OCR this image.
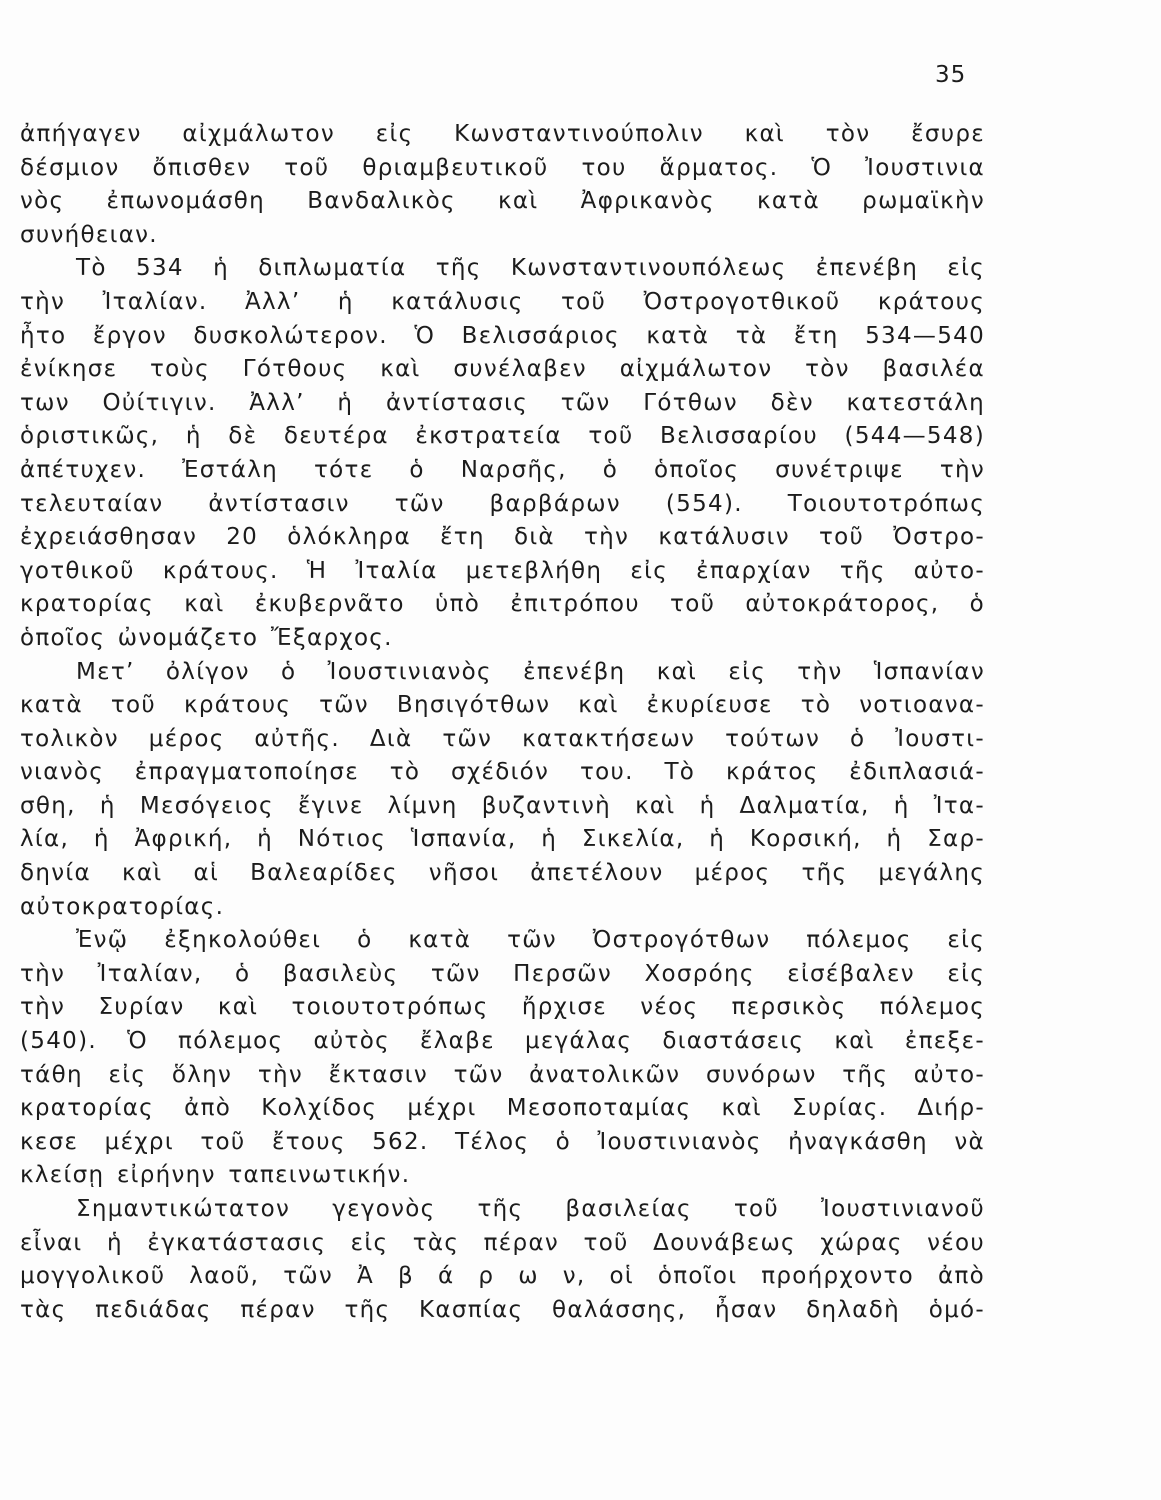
35
ἀπήγαγεν αἰχμάλωτον εἰς Κωνσταντινούπολιν καὶ τὸν ἔσυρε
δέσμιον ὄπισθεν τοῦ θριαμβευτικοῦ του ἅρματος. Ὁ Ἰουστινια
νὸς ἐπωνομάσθη Βανδαλικὸς καὶ Ἀφρικανὸς κατὰ ρωμαϊκὴν
συνήθειαν.
Τὸ 534 ἡ διπλωματία τῆς Κωνσταντινουπόλεως ἐπενέβη εἰς
τὴν Ἰταλίαν. Ἀλλ’ ἡ κατάλυσις τοῦ Ὀστρογοτθικοῦ κράτους
ἦτο ἔργον δυσκολώτερον. Ὁ Βελισσάριος κατὰ τὰ ἔτη 534—540
ἐνίκησε τοὺς Γότθους καὶ συνέλαβεν αἰχμάλωτον τὸν βασιλέα
των Οὐίτιγιν. Ἀλλ’ ἡ ἀντίστασις τῶν Γότθων δὲν κατεστάλη
ὁριστικῶς, ἡ δὲ δευτέρα ἐκστρατεία τοῦ Βελισσαρίου (544—548)
ἀπέτυχεν. Ἐστάλη τότε ὁ Ναρσῆς, ὁ ὁποῖος συνέτριψε τὴν
τελευταίαν ἀντίστασιν τῶν βαρβάρων (554). Τοιουτοτρόπως
ἐχρειάσθησαν 20 ὁλόκληρα ἔτη διὰ τὴν κατάλυσιν τοῦ Ὀστρο-
γοτθικοῦ κράτους. Ἡ Ἰταλία μετεβλήθη εἰς ἐπαρχίαν τῆς αὐτο-
κρατορίας καὶ ἐκυβερνᾶτο ὑπὸ ἐπιτρόπου τοῦ αὐτοκράτορος, ὁ
ὁποῖος ὠνομάζετο Ἔξαρχος.
Μετ’ ὀλίγον ὁ Ἰουστινιανὸς ἐπενέβη καὶ εἰς τὴν Ἱσπανίαν
κατὰ τοῦ κράτους τῶν Βησιγότθων καὶ ἐκυρίευσε τὸ νοτιοανα-
τολικὸν μέρος αὐτῆς. Διὰ τῶν κατακτήσεων τούτων ὁ Ἰουστι-
νιανὸς ἐπραγματοποίησε τὸ σχέδιόν του. Τὸ κράτος ἐδιπλασιά-
σθη, ἡ Μεσόγειος ἔγινε λίμνη βυζαντινὴ καὶ ἡ Δαλματία, ἡ Ἰτα-
λία, ἡ Ἀφρική, ἡ Νότιος Ἱσπανία, ἡ Σικελία, ἡ Κορσική, ἡ Σαρ-
δηνία καὶ αἱ Βαλεαρίδες νῆσοι ἀπετέλουν μέρος τῆς μεγάλης
αὐτοκρατορίας.
Ἐνῷ ἐξηκολούθει ὁ κατὰ τῶν Ὀστρογότθων πόλεμος εἰς
τὴν Ἰταλίαν, ὁ βασιλεὺς τῶν Περσῶν Χοσρόης εἰσέβαλεν εἰς
τὴν Συρίαν καὶ τοιουτοτρόπως ἤρχισε νέος περσικὸς πόλεμος
(540). Ὁ πόλεμος αὐτὸς ἔλαβε μεγάλας διαστάσεις καὶ ἐπεξε-
τάθη εἰς ὅλην τὴν ἔκτασιν τῶν ἀνατολικῶν συνόρων τῆς αὐτο-
κρατορίας ἀπὸ Κολχίδος μέχρι Μεσοποταμίας καὶ Συρίας. Διήρ-
κεσε μέχρι τοῦ ἔτους 562. Τέλος ὁ Ἰουστινιανὸς ἠναγκάσθη νὰ
κλείσῃ εἰρήνην ταπεινωτικήν.
Σημαντικώτατον γεγονὸς τῆς βασιλείας τοῦ Ἰουστινιανοῦ
εἶναι ἡ ἐγκατάστασις εἰς τὰς πέραν τοῦ Δουνάβεως χώρας νέου
μογγολικοῦ λαοῦ, τῶν Ἀ β ά ρ ω ν, οἱ ὁποῖοι προήρχοντο ἀπὸ
τὰς πεδιάδας πέραν τῆς Κασπίας θαλάσσης, ἦσαν δηλαδὴ ὁμό-
